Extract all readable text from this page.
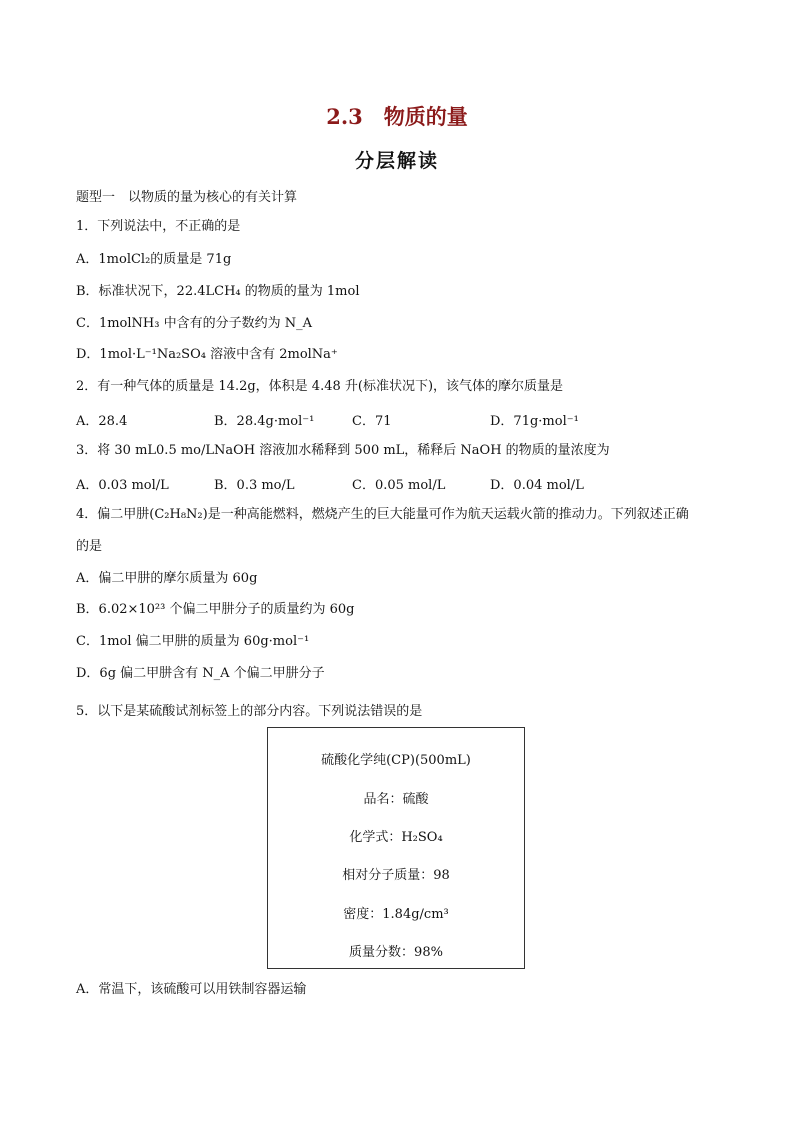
2.3　物质的量
分层解读
题型一　以物质的量为核心的有关计算
1．下列说法中，不正确的是
A．1molCl₂的质量是 71g
B．标准状况下，22.4LCH₄ 的物质的量为 1mol
C．1molNH₃ 中含有的分子数约为 N_A
D．1mol·L⁻¹Na₂SO₄ 溶液中含有 2molNa⁺
2．有一种气体的质量是 14.2g，体积是 4.48 升(标准状况下)，该气体的摩尔质量是
A．28.4	B．28.4g·mol⁻¹	C．71	D．71g·mol⁻¹
3．将 30 mL0.5 mo/LNaOH 溶液加水稀释到 500 mL，稀释后 NaOH 的物质的量浓度为
A．0.03 mol/L	B．0.3 mo/L	C．0.05 mol/L	D．0.04 mol/L
4．偏二甲肼(C₂H₈N₂)是一种高能燃料，燃烧产生的巨大能量可作为航天运载火箭的推动力。下列叙述正确
的是
A．偏二甲肼的摩尔质量为 60g
B．6.02×10²³ 个偏二甲肼分子的质量约为 60g
C．1mol 偏二甲肼的质量为 60g·mol⁻¹
D．6g 偏二甲肼含有 N_A 个偏二甲肼分子
5．以下是某硫酸试剂标签上的部分内容。下列说法错误的是
硫酸化学纯(CP)(500mL)
品名：硫酸
化学式：H₂SO₄
相对分子质量：98
密度：1.84g/cm³
质量分数：98%
A．常温下，该硫酸可以用铁制容器运输
